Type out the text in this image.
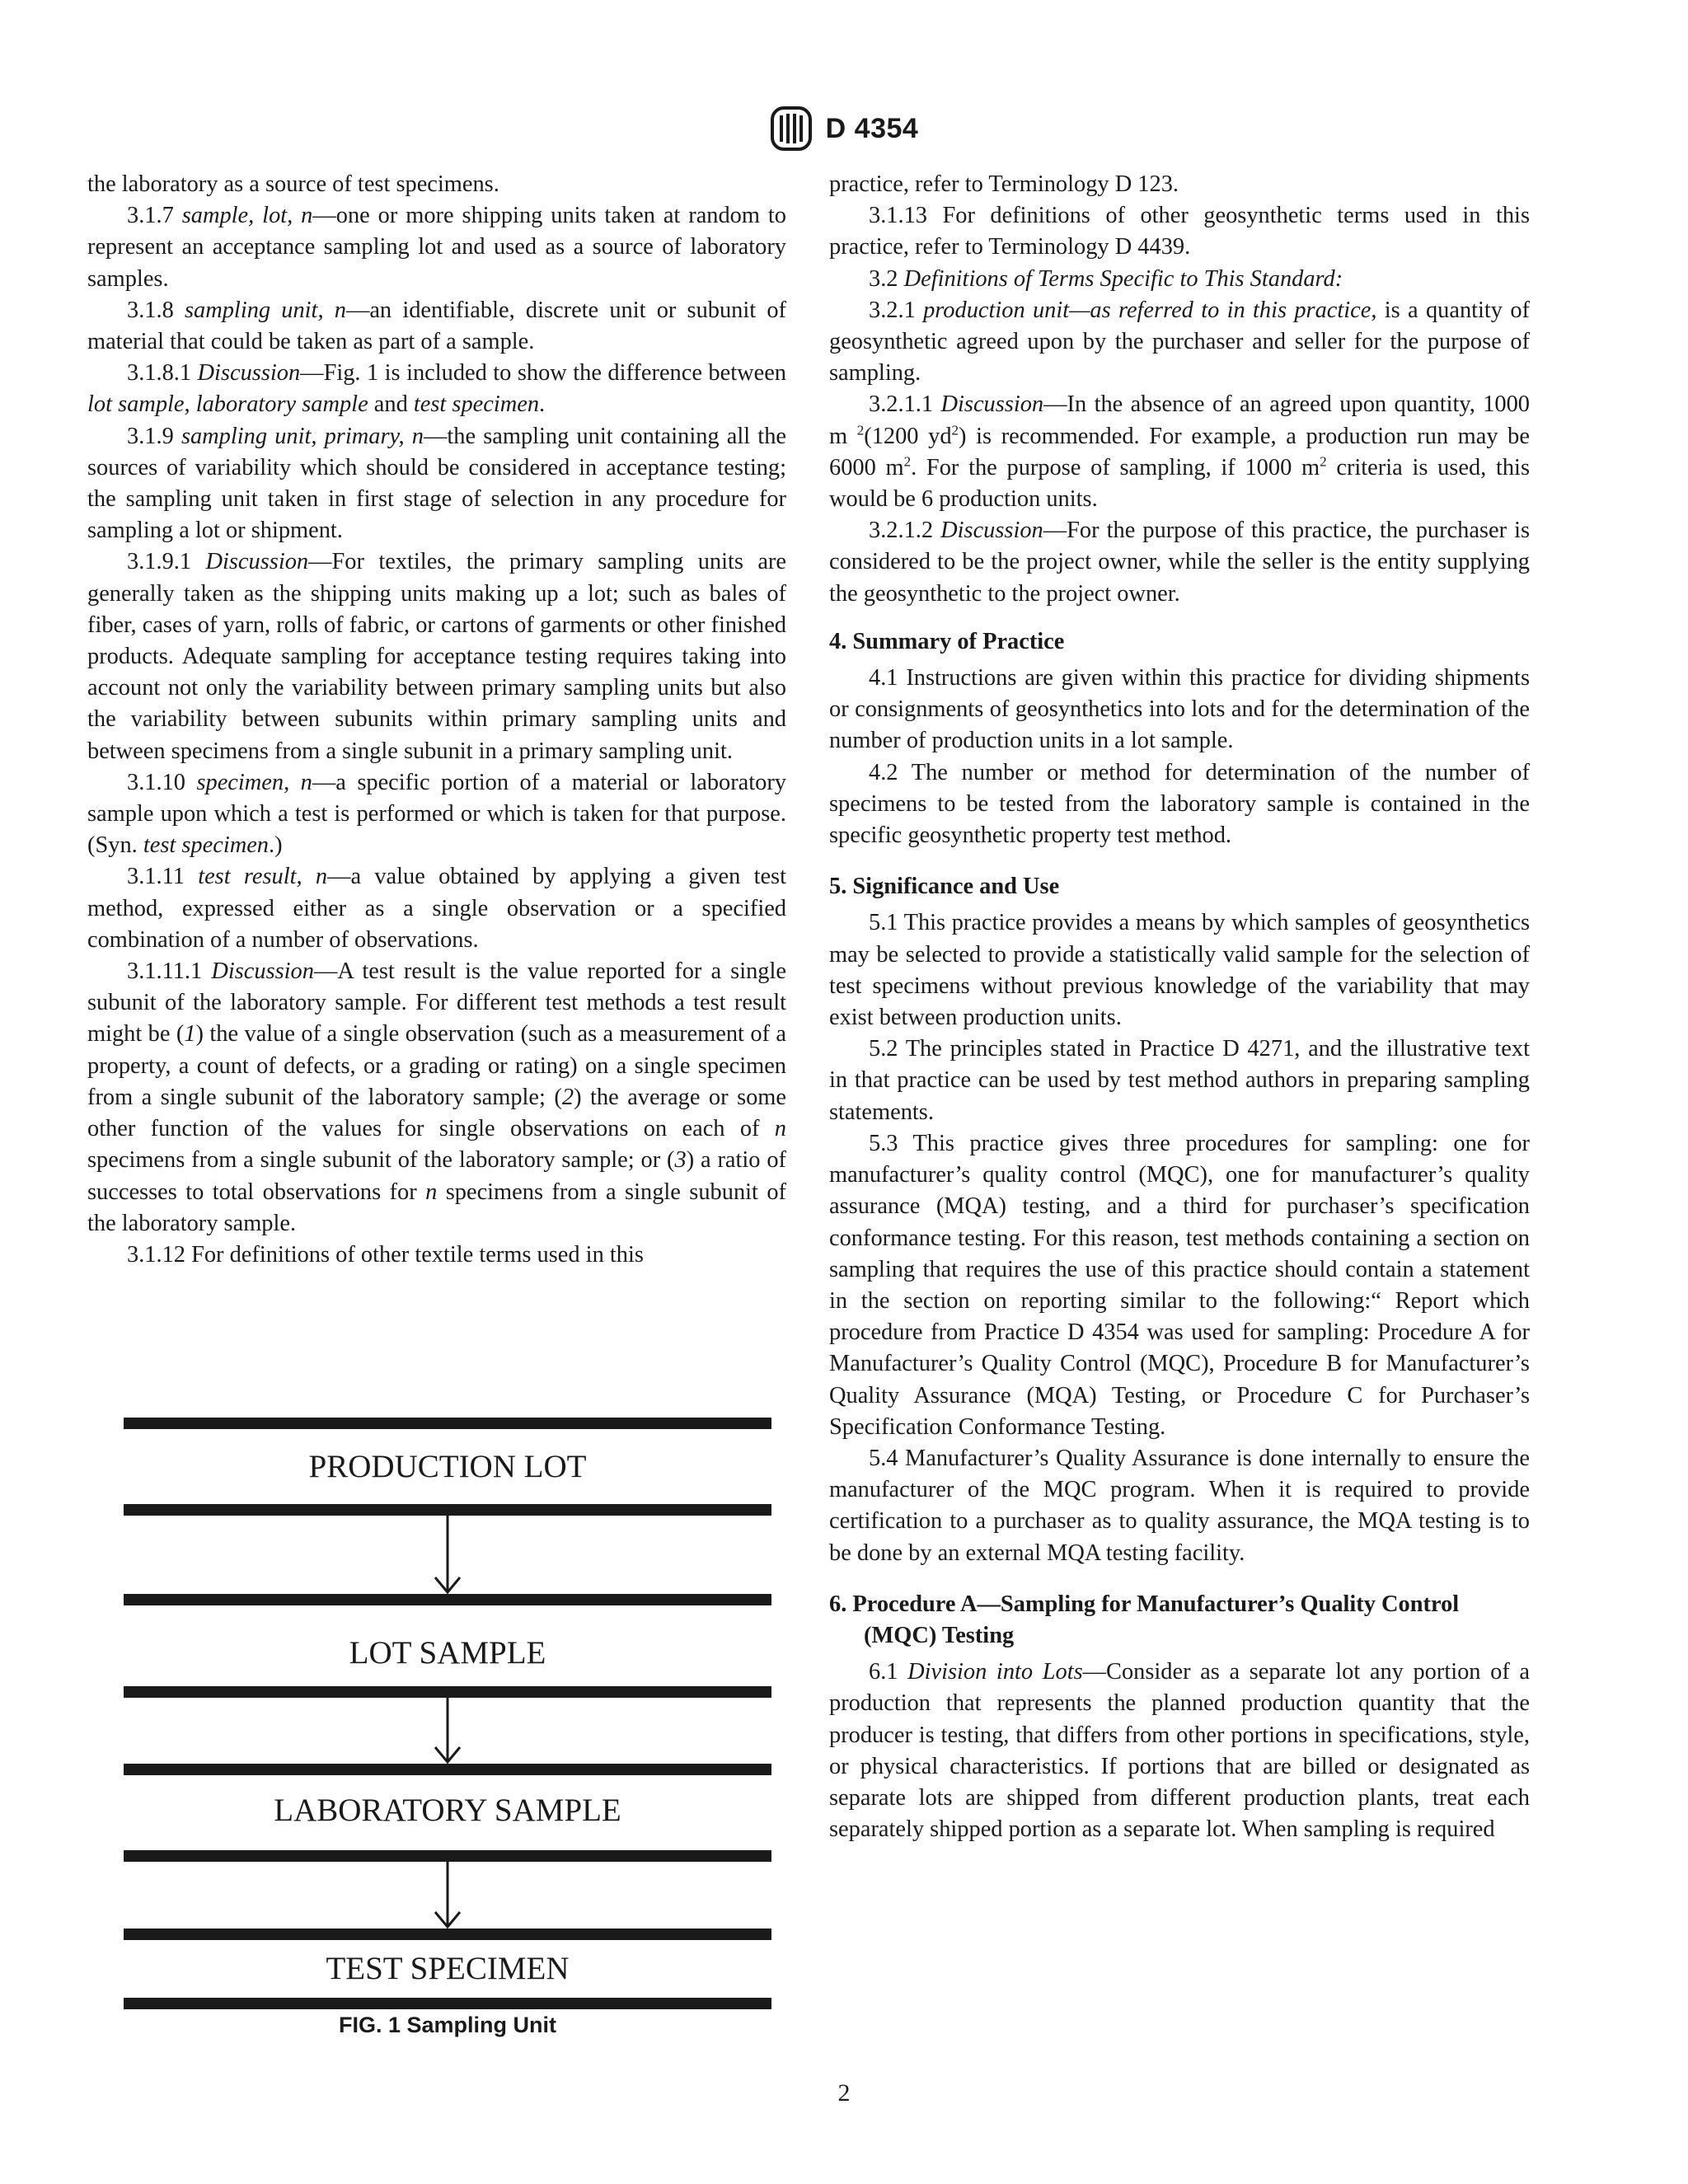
D 4354

the laboratory as a source of test specimens.

3.1.7 sample, lot, n—one or more shipping units taken at random to represent an acceptance sampling lot and used as a source of laboratory samples.

3.1.8 sampling unit, n—an identifiable, discrete unit or subunit of material that could be taken as part of a sample.

3.1.8.1 Discussion—Fig. 1 is included to show the difference between lot sample, laboratory sample and test specimen.

3.1.9 sampling unit, primary, n—the sampling unit containing all the sources of variability which should be considered in acceptance testing; the sampling unit taken in first stage of selection in any procedure for sampling a lot or shipment.

3.1.9.1 Discussion—For textiles, the primary sampling units are generally taken as the shipping units making up a lot; such as bales of fiber, cases of yarn, rolls of fabric, or cartons of garments or other finished products. Adequate sampling for acceptance testing requires taking into account not only the variability between primary sampling units but also the variability between subunits within primary sampling units and between specimens from a single subunit in a primary sampling unit.

3.1.10 specimen, n—a specific portion of a material or laboratory sample upon which a test is performed or which is taken for that purpose. (Syn. test specimen.)

3.1.11 test result, n—a value obtained by applying a given test method, expressed either as a single observation or a specified combination of a number of observations.

3.1.11.1 Discussion—A test result is the value reported for a single subunit of the laboratory sample. For different test methods a test result might be (1) the value of a single observation (such as a measurement of a property, a count of defects, or a grading or rating) on a single specimen from a single subunit of the laboratory sample; (2) the average or some other function of the values for single observations on each of n specimens from a single subunit of the laboratory sample; or (3) a ratio of successes to total observations for n specimens from a single subunit of the laboratory sample.

3.1.12 For definitions of other textile terms used in this

PRODUCTION LOT
LOT SAMPLE
LABORATORY SAMPLE
TEST SPECIMEN
FIG. 1 Sampling Unit

practice, refer to Terminology D 123.

3.1.13 For definitions of other geosynthetic terms used in this practice, refer to Terminology D 4439.

3.2 Definitions of Terms Specific to This Standard:

3.2.1 production unit—as referred to in this practice, is a quantity of geosynthetic agreed upon by the purchaser and seller for the purpose of sampling.

3.2.1.1 Discussion—In the absence of an agreed upon quantity, 1000 m $^2$(1200 $yd^2$) is recommended. For example, a production run may be 6000 $m^2$. For the purpose of sampling, if 1000 $m^2$ criteria is used, this would be 6 production units.

3.2.1.2 Discussion—For the purpose of this practice, the purchaser is considered to be the project owner, while the seller is the entity supplying the geosynthetic to the project owner.

4. Summary of Practice

4.1 Instructions are given within this practice for dividing shipments or consignments of geosynthetics into lots and for the determination of the number of production units in a lot sample.

4.2 The number or method for determination of the number of specimens to be tested from the laboratory sample is contained in the specific geosynthetic property test method.

5. Significance and Use

5.1 This practice provides a means by which samples of geosynthetics may be selected to provide a statistically valid sample for the selection of test specimens without previous knowledge of the variability that may exist between production units.

5.2 The principles stated in Practice D 4271, and the illustrative text in that practice can be used by test method authors in preparing sampling statements.

5.3 This practice gives three procedures for sampling: one for manufacturer’s quality control (MQC), one for manufacturer’s quality assurance (MQA) testing, and a third for purchaser’s specification conformance testing. For this reason, test methods containing a section on sampling that requires the use of this practice should contain a statement in the section on reporting similar to the following:“ Report which procedure from Practice D 4354 was used for sampling: Procedure A for Manufacturer’s Quality Control (MQC), Procedure B for Manufacturer’s Quality Assurance (MQA) Testing, or Procedure C for Purchaser’s Specification Conformance Testing.

5.4 Manufacturer’s Quality Assurance is done internally to ensure the manufacturer of the MQC program. When it is required to provide certification to a purchaser as to quality assurance, the MQA testing is to be done by an external MQA testing facility.

6. Procedure A—Sampling for Manufacturer’s Quality Control (MQC) Testing

6.1 Division into Lots—Consider as a separate lot any portion of a production that represents the planned production quantity that the producer is testing, that differs from other portions in specifications, style, or physical characteristics. If portions that are billed or designated as separate lots are shipped from different production plants, treat each separately shipped portion as a separate lot. When sampling is required

2
